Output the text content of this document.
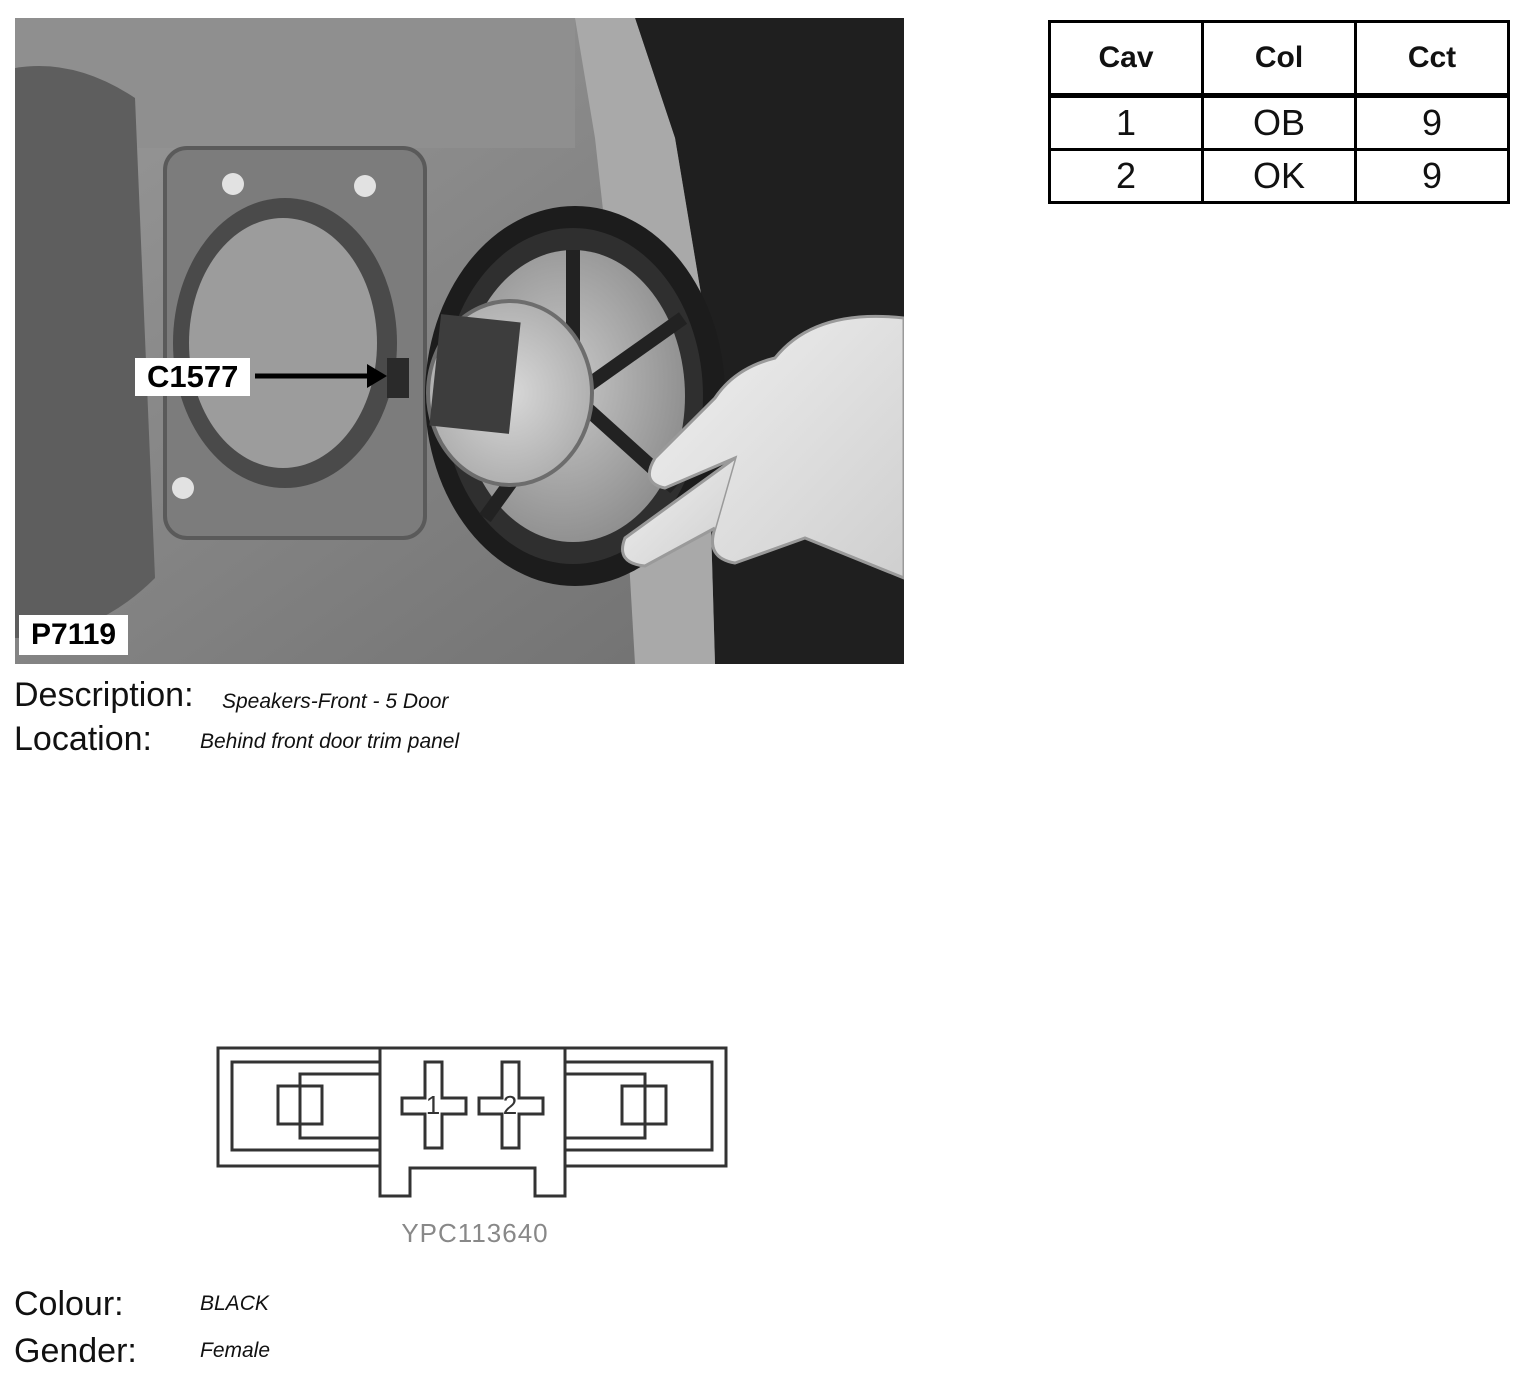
C1577
P7119
Cav	Col	Cct
1	OB	9
2	OK	9
Description: Speakers-Front - 5 Door
Location: Behind front door trim panel
1 2
YPC113640
Colour:	BLACK
Gender:	Female
